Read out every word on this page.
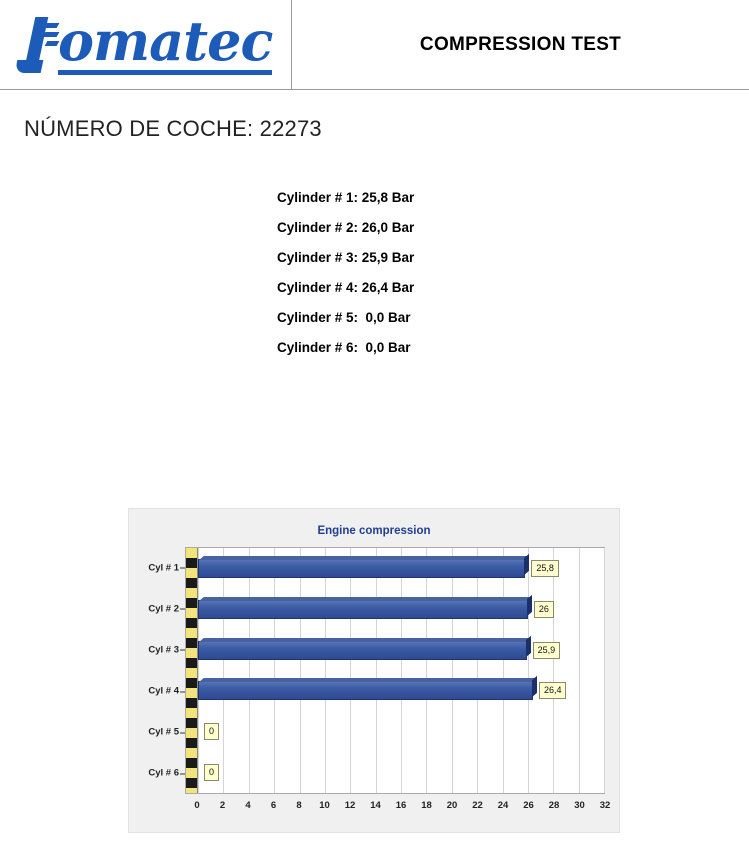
omatec	COMPRESSION TEST
NÚMERO DE COCHE: 22273
Cylinder # 1: 25,8 Bar
Cylinder # 2: 26,0 Bar
Cylinder # 3: 25,9 Bar
Cylinder # 4: 26,4 Bar
Cylinder # 5:  0,0 Bar
Cylinder # 6:  0,0 Bar
Engine compression
Cyl # 1
Cyl # 2
Cyl # 3
Cyl # 4
Cyl # 5
Cyl # 6
25,8
26
25,9
26,4
0
0
0 2 4 6 8 10 12 14 16 18 20 22 24 26 28 30 32
